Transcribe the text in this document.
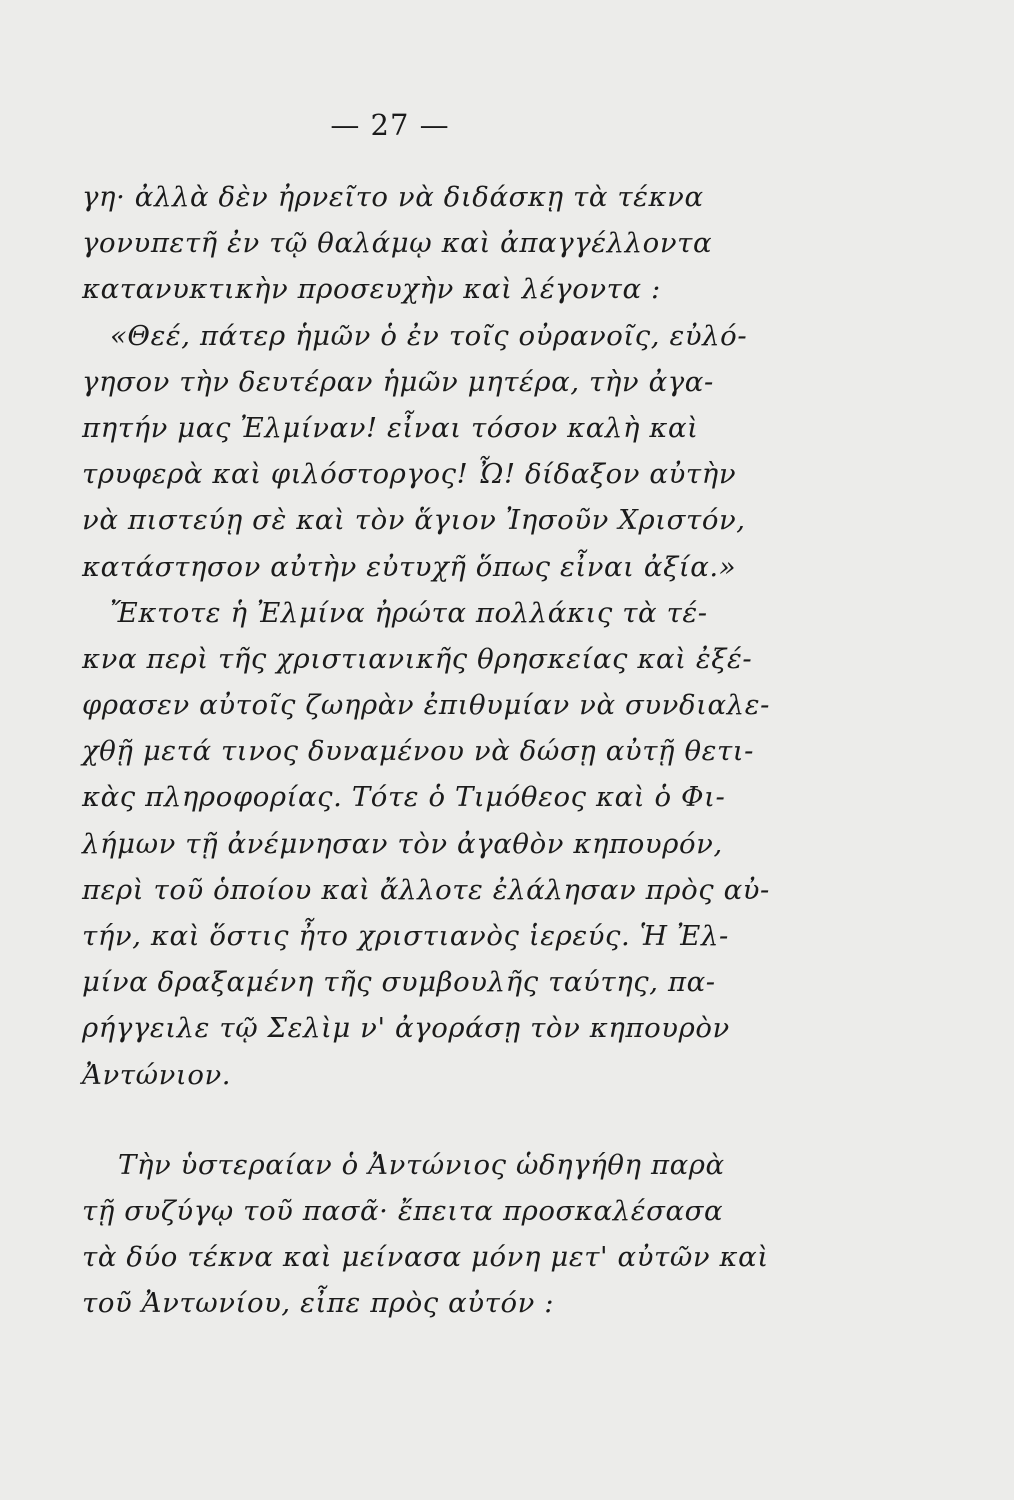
— 27 —
γη· ἀλλὰ δὲν ἠρνεῖτο νὰ διδάσκῃ τὰ τέκνα
γονυπετῆ ἐν τῷ θαλάμῳ καὶ ἀπαγγέλλοντα
κατανυκτικὴν προσευχὴν καὶ λέγοντα :
«Θεέ, πάτερ ἡμῶν ὁ ἐν τοῖς οὐρανοῖς, εὐλό-
γησον τὴν δευτέραν ἡμῶν μητέρα, τὴν ἀγα-
πητήν μας Ἐλμίναν! εἶναι τόσον καλὴ καὶ
τρυφερὰ καὶ φιλόστοργος! Ὦ! δίδαξον αὐτὴν
νὰ πιστεύῃ σὲ καὶ τὸν ἅγιον Ἰησοῦν Χριστόν,
κατάστησον αὐτὴν εὐτυχῆ ὅπως εἶναι ἀξία.»
Ἔκτοτε ἡ Ἐλμίνα ἠρώτα πολλάκις τὰ τέ-
κνα περὶ τῆς χριστιανικῆς θρησκείας καὶ ἐξέ-
φρασεν αὐτοῖς ζωηρὰν ἐπιθυμίαν νὰ συνδιαλε-
χθῇ μετά τινος δυναμένου νὰ δώσῃ αὐτῇ θετι-
κὰς πληροφορίας. Τότε ὁ Τιμόθεος καὶ ὁ Φι-
λήμων τῇ ἀνέμνησαν τὸν ἀγαθὸν κηπουρόν,
περὶ τοῦ ὁποίου καὶ ἄλλοτε ἐλάλησαν πρὸς αὐ-
τήν, καὶ ὅστις ἦτο χριστιανὸς ἱερεύς. Ἡ Ἐλ-
μίνα δραξαμένη τῆς συμβουλῆς ταύτης, πα-
ρήγγειλε τῷ Σελὶμ ν' ἀγοράσῃ τὸν κηπουρὸν
Ἀντώνιον.
Τὴν ὑστεραίαν ὁ Ἀντώνιος ὡδηγήθη παρὰ
τῇ συζύγῳ τοῦ πασᾶ· ἔπειτα προσκαλέσασα
τὰ δύο τέκνα καὶ μείνασα μόνη μετ' αὐτῶν καὶ
τοῦ Ἀντωνίου, εἶπε πρὸς αὐτόν :
